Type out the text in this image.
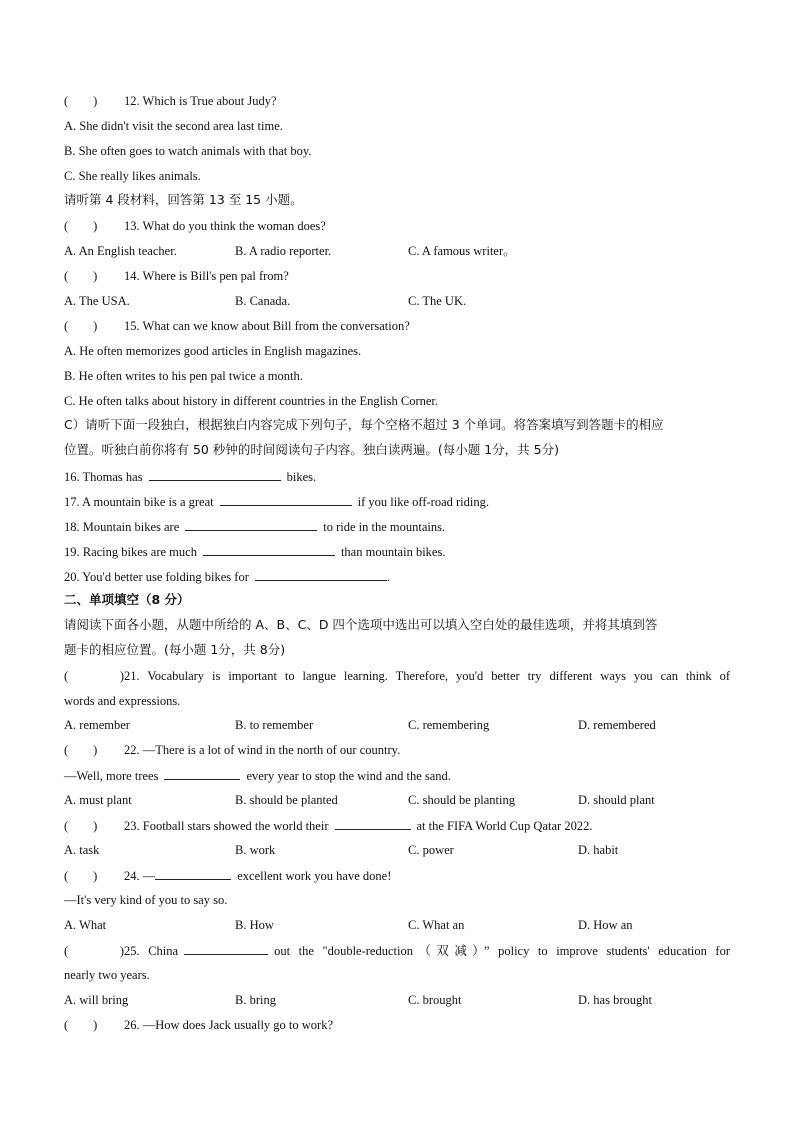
(　　) 12. Which is True about Judy?
A. She didn't visit the second area last time.
B. She often goes to watch animals with that boy.
C. She really likes animals.
请听第 4 段材料，回答第 13 至 15 小题。
(　　) 13. What do you think the woman does?
A. An English teacher.	B. A radio reporter.	C. A famous writer。
(　　) 14. Where is Bill's pen pal from?
A. The USA.	B. Canada.	C. The UK.
(　　) 15. What can we know about Bill from the conversation?
A. He often memorizes good articles in English magazines.
B. He often writes to his pen pal twice a month.
C. He often talks about history in different countries in the English Corner.
C）请听下面一段独白，根据独白内容完成下列句子，每个空格不超过 3 个单词。将答案填写到答题卡的相应
位置。听独白前你将有 50 秒钟的时间阅读句子内容。独白读两遍。(每小题 1分，共 5分)
16. Thomas has	bikes.
17. A mountain bike is a great	if you like off-road riding.
18. Mountain bikes are	to ride in the mountains.
19. Racing bikes are much	than mountain bikes.
20. You'd better use folding bikes for	.
二、单项填空（8 分）
请阅读下面各小题，从题中所给的 A、B、C、D 四个选项中选出可以填入空白处的最佳选项，并将其填到答
题卡的相应位置。(每小题 1分，共 8分)
(　　)21. Vocabulary is important to langue learning. Therefore, you'd better try different ways you can think of
words and expressions.
A. remember	B. to remember	C. remembering	D. remembered
(　　) 22. —There is a lot of wind in the north of our country.
—Well, more trees	every year to stop the wind and the sand.
A. must plant	B. should be planted	C. should be planting	D. should plant
(　　) 23. Football stars showed the world their	at the FIFA World Cup Qatar 2022.
A. task	B. work	C. power	D. habit
(　　) 24. —	excellent work you have done!
—It's very kind of you to say so.
A. What	B. How	C. What an	D. How an
(　　)25. China	out the "double-reduction（双减）” policy to improve students' education for
nearly two years.
A. will bring	B. bring	C. brought	D. has brought
(　　) 26. —How does Jack usually go to work?
